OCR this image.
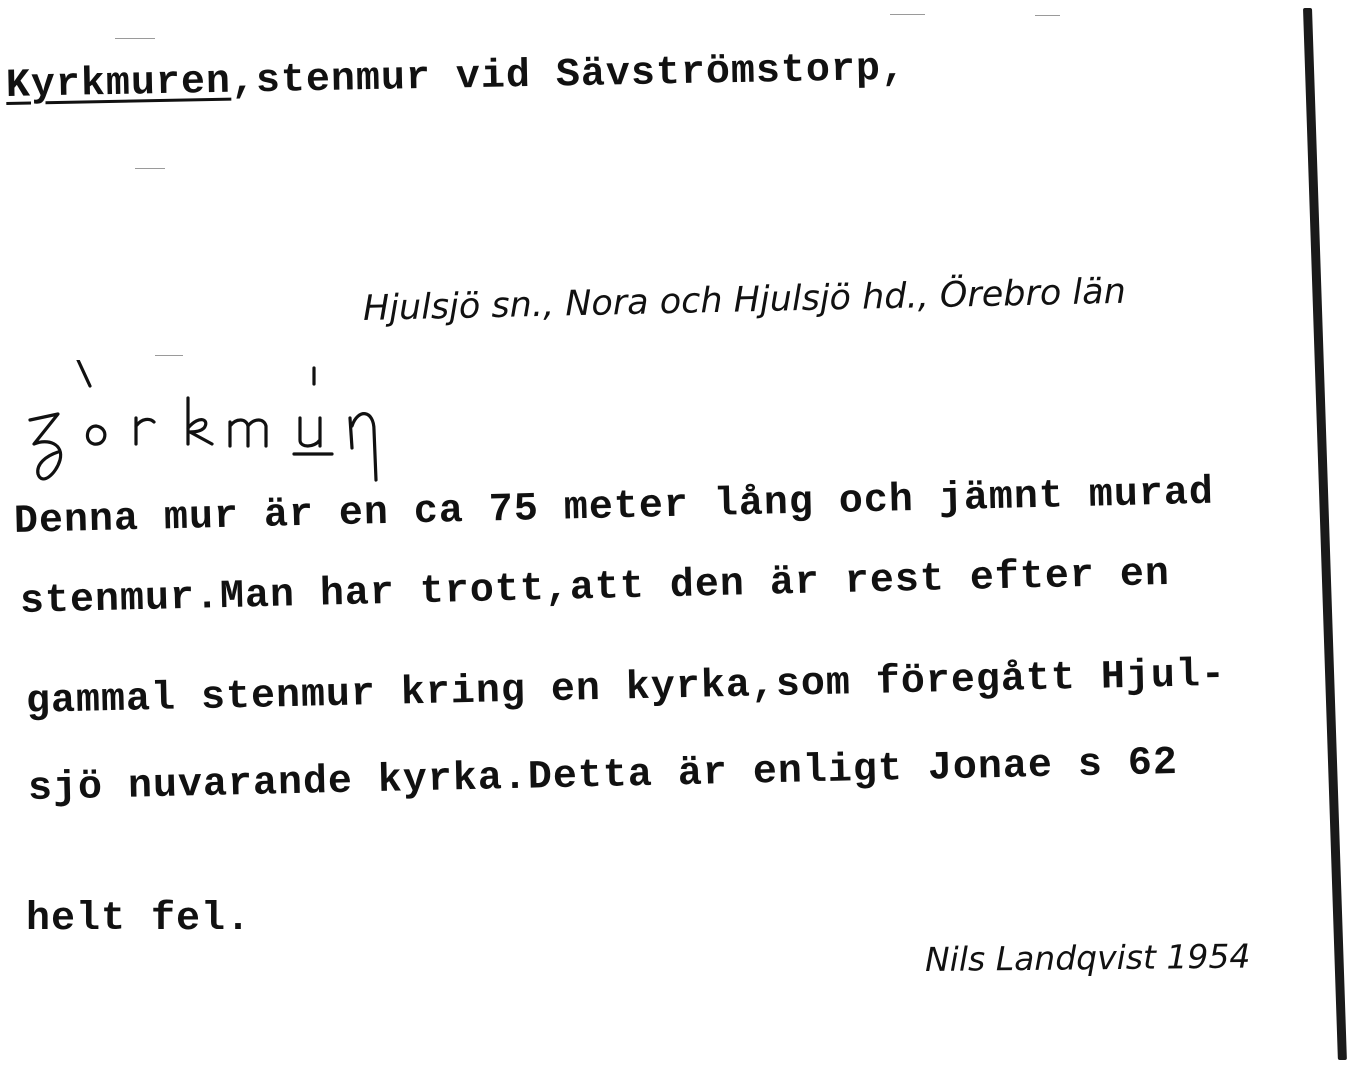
Kyrkmuren,stenmur vid Sävströmstorp,
Hjulsjö sn., Nora och Hjulsjö hd., Örebro län
Denna mur är en ca 75 meter lång och jämnt murad
stenmur.Man har trott,att den är rest efter en
gammal stenmur kring en kyrka,som föregått Hjul-
sjö nuvarande kyrka.Detta är enligt Jonae s 62
helt fel.
Nils Landqvist 1954
